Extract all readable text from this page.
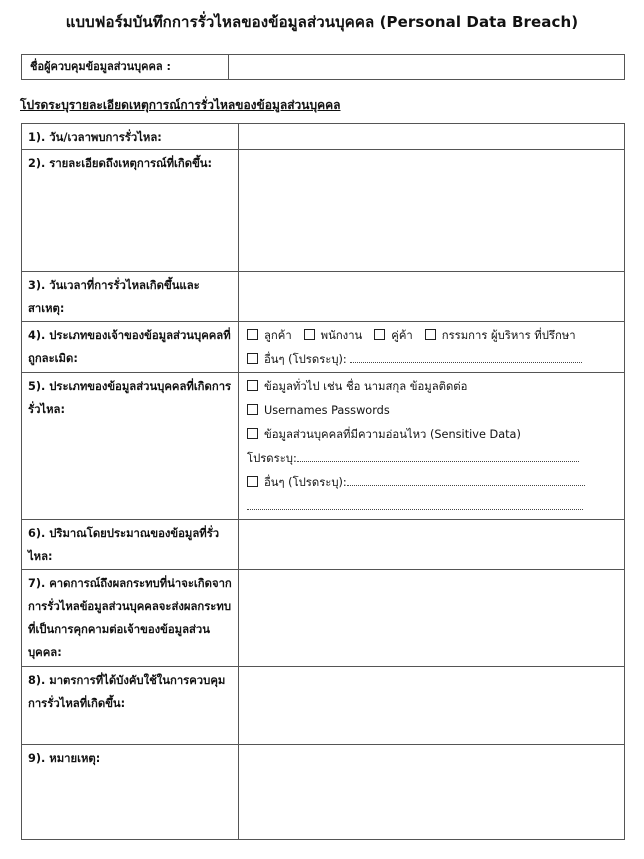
แบบฟอร์มบันทึกการรั่วไหลของข้อมูลส่วนบุคคล (Personal Data Breach)
ชื่อผู้ควบคุมข้อมูลส่วนบุคคล :	
โปรดระบุรายละเอียดเหตุการณ์การรั่วไหลของข้อมูลส่วนบุคคล
1). วัน/เวลาพบการรั่วไหล:	
2). รายละเอียดถึงเหตุการณ์ที่เกิดขึ้น:	
3). วันเวลาที่การรั่วไหลเกิดขึ้นและสาเหตุ:	
4). ประเภทของเจ้าของข้อมูลส่วนบุคคลที่ถูกละเมิด:	ลูกค้า พนักงาน คู่ค้า กรรมการ ผู้บริหาร ที่ปรึกษา
อื่นๆ (โปรดระบุ):

5). ประเภทของข้อมูลส่วนบุคคลที่เกิดการรั่วไหล:	ข้อมูลทั่วไป เช่น ชื่อ นามสกุล ข้อมูลติดต่อ
Usernames Passwords
ข้อมูลส่วนบุคคลที่มีความอ่อนไหว (Sensitive Data)
โปรดระบุ:
อื่นๆ (โปรดระบุ):

6). ปริมาณโดยประมาณของข้อมูลที่รั่วไหล:	
7). คาดการณ์ถึงผลกระทบที่น่าจะเกิดจากการรั่วไหลข้อมูลส่วนบุคคลจะส่งผลกระทบที่เป็นการคุกคามต่อเจ้าของข้อมูลส่วนบุคคล:	
8). มาตรการที่ได้บังคับใช้ในการควบคุมการรั่วไหลที่เกิดขึ้น:	
9). หมายเหตุ:	
